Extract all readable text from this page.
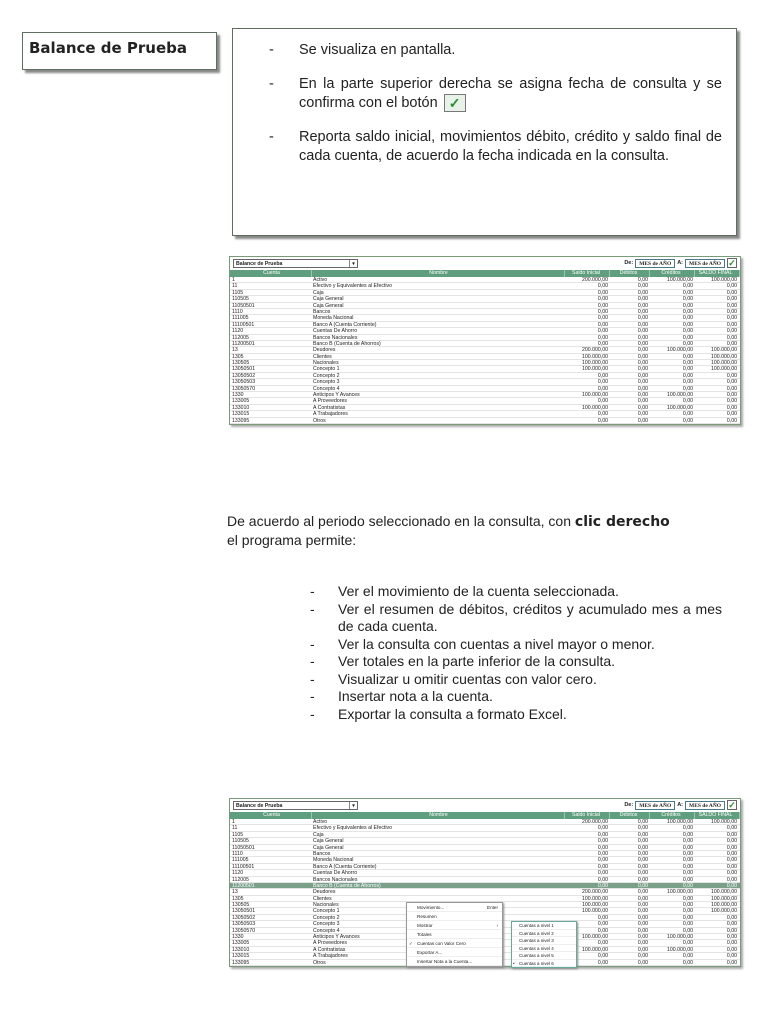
Balance de Prueba	- Se visualiza en pantalla.
- En la parte superior derecha se asigna fecha de consulta y se confirma con el botón ✓
- Reporta saldo inicial, movimientos débito, crédito y saldo final de cada cuenta, de acuerdo la fecha indicada en la consulta.
Balance de Prueba	▾	De:	MES de AÑO	A:	MES de AÑO ✓
Cuenta	Nombre	Saldo Inicial	Débitos	Créditos	SALDO FINAL
1	Activo	200.000,00	0,00	100.000,00	100.000,00
11	Efectivo y Equivalentes al Efectivo	0,00	0,00	0,00	0,00
1105	Caja	0,00	0,00	0,00	0,00
110505	Caja General	0,00	0,00	0,00	0,00
11050501	Caja General	0,00	0,00	0,00	0,00
1110	Bancos	0,00	0,00	0,00	0,00
111005	Moneda Nacional	0,00	0,00	0,00	0,00
11100501	Banco A (Cuenta Corriente)	0,00	0,00	0,00	0,00
1120	Cuentas De Ahorro	0,00	0,00	0,00	0,00
112005	Bancos Nacionales	0,00	0,00	0,00	0,00
11200501	Banco B (Cuenta de Ahorros)	0,00	0,00	0,00	0,00
13	Deudores	200.000,00	0,00	100.000,00	100.000,00
1305	Clientes	100.000,00	0,00	0,00	100.000,00
130505	Nacionales	100.000,00	0,00	0,00	100.000,00
13050501	Concepto 1	100.000,00	0,00	0,00	100.000,00
13050502	Concepto 2	0,00	0,00	0,00	0,00
13050503	Concepto 3	0,00	0,00	0,00	0,00
13050570	Concepto 4	0,00	0,00	0,00	0,00
1330	Anticipos Y Avances	100.000,00	0,00	100.000,00	0,00
133005	A Proveedores	0,00	0,00	0,00	0,00
133010	A Contratistas	100.000,00	0,00	100.000,00	0,00
133015	A Trabajadores	0,00	0,00	0,00	0,00
133095	Otros	0,00	0,00	0,00	0,00
De acuerdo al periodo seleccionado en la consulta, con clic derecho
el programa permite:
- Ver el movimiento de la cuenta seleccionada.
- Ver el resumen de débitos, créditos y acumulado mes a mes de cada cuenta.
- Ver la consulta con cuentas a nivel mayor o menor.
- Ver totales en la parte inferior de la consulta.
- Visualizar u omitir cuentas con valor cero.
- Insertar nota a la cuenta.
- Exportar la consulta a formato Excel.
Balance de Prueba	▾	De:	MES de AÑO	A:	MES de AÑO ✓
Cuenta	Nombre	Saldo Inicial	Débitos	Créditos	SALDO FINAL
1	Activo	200.000,00	0,00	100.000,00	100.000,00
11	Efectivo y Equivalentes al Efectivo	0,00	0,00	0,00	0,00
1105	Caja	0,00	0,00	0,00	0,00
110505	Caja General	0,00	0,00	0,00	0,00
11050501	Caja General	0,00	0,00	0,00	0,00
1110	Bancos	0,00	0,00	0,00	0,00
111005	Moneda Nacional	0,00	0,00	0,00	0,00
11100501	Banco A (Cuenta Corriente)	0,00	0,00	0,00	0,00
1120	Cuentas De Ahorro	0,00	0,00	0,00	0,00
112005	Bancos Nacionales	0,00	0,00	0,00	0,00
11200501	Banco B (Cuenta de Ahorros)	0,00	0,00	0,00	0,00
13	Deudores	200.000,00	0,00	100.000,00	100.000,00
1305	Clientes	100.000,00	0,00	0,00	100.000,00
130505	Nacionales	100.000,00	0,00	0,00	100.000,00
13050501	Concepto 1	100.000,00	0,00	0,00	100.000,00
13050502	Concepto 2	0,00	0,00	0,00	0,00
13050503	Concepto 3	0,00	0,00	0,00	0,00
13050570	Concepto 4	0,00	0,00	0,00	0,00
1330	Anticipos Y Avances	100.000,00	0,00	100.000,00	0,00
133005	A Proveedores	0,00	0,00	0,00	0,00
133010	A Contratistas	100.000,00	0,00	100.000,00	0,00
133015	A Trabajadores	0,00	0,00	0,00	0,00
133095	Otros	0,00	0,00	0,00	0,00
Movimiento...	Enter
Resumen
Mostrar	›
Totales
✓ Cuentas con Valor Cero
Exportar A...
Insertar Nota a la Cuenta...
Cuentas a nivel 1
Cuentas a nivel 2
Cuentas a nivel 3
Cuentas a nivel 4
Cuentas a nivel 5
• Cuentas a nivel 6
